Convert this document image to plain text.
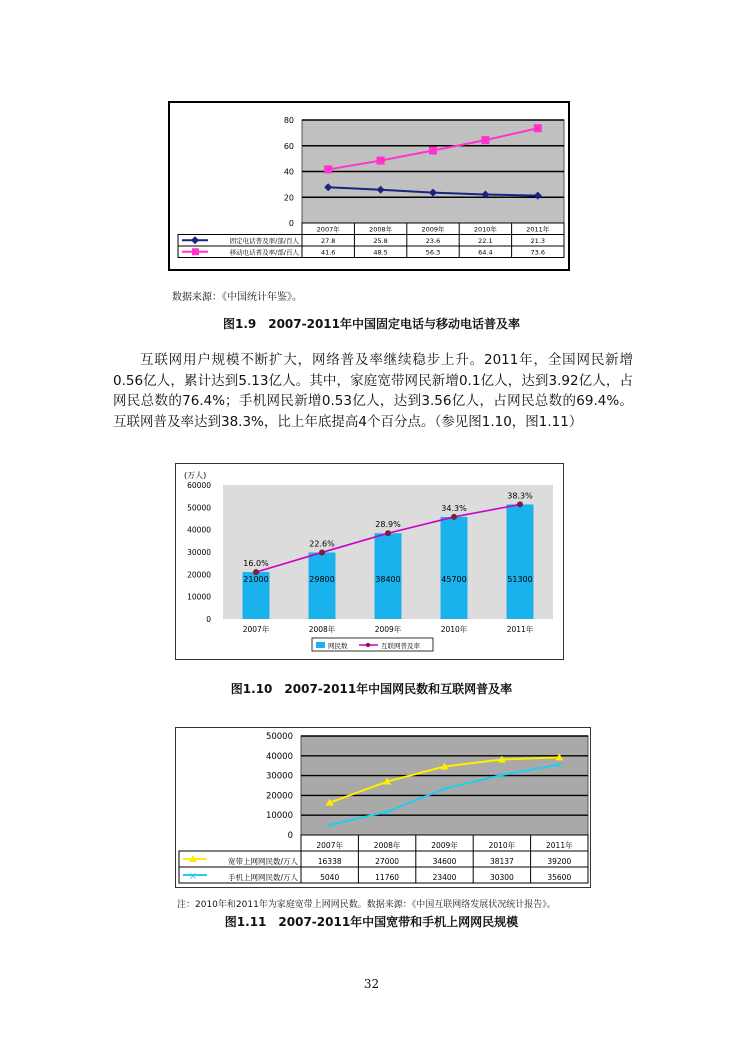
0
20
40
60
80
2007年	2008年	2009年	2010年	2011年
固定电话普及率/部/百人	27.8	25.8	23.6	22.1	21.3
移动电话普及率/部/百人	41.6	48.5	56.3	64.4	73.6
数据来源：《中国统计年鉴》。
图1.9　2007-2011年中国固定电话与移动电话普及率
互联网用户规模不断扩大，网络普及率继续稳步上升。2011年，全国网民新增0.56亿人，累计达到5.13亿人。其中，家庭宽带网民新增0.1亿人，达到3.92亿人，占网民总数的76.4%；手机网民新增0.53亿人，达到3.56亿人，占网民总数的69.4%。互联网普及率达到38.3%，比上年底提高4个百分点。（参见图1.10，图1.11）
(万人)
0
10000
20000
30000
40000
50000
60000
21000
2007年
29800
2008年
38400
2009年
45700
2010年
51300
2011年
16.0%
22.6%
28.9%
34.3%
38.3%
网民数	互联网普及率
图1.10　2007-2011年中国网民数和互联网普及率
0
10000
20000
30000
40000
50000
2007年	2008年	2009年	2010年	2011年
宽带上网网民数/万人	16338	27000	34600	38137	39200
×	手机上网网民数/万人	5040	11760	23400	30300	35600
×
×
×
×
×
注：2010年和2011年为家庭宽带上网网民数。数据来源：《中国互联网络发展状况统计报告》。
图1.11　2007-2011年中国宽带和手机上网网民规模
32
